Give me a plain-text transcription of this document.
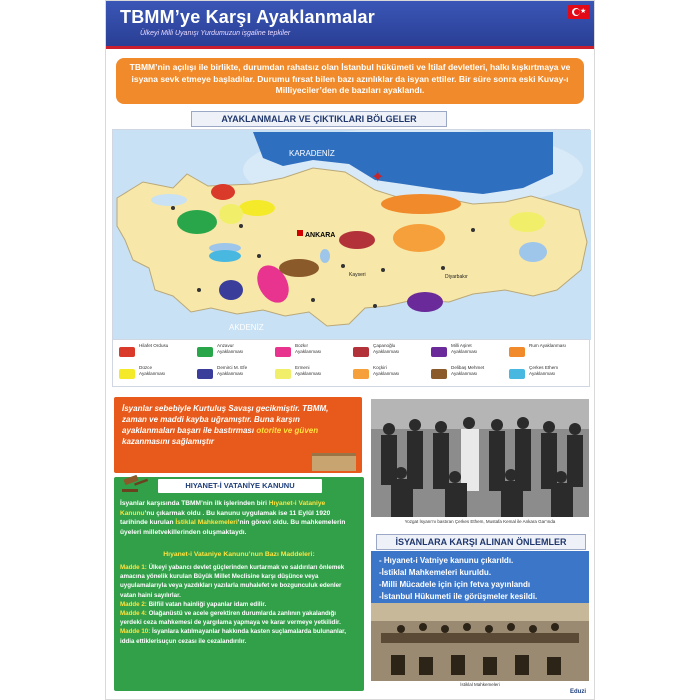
TBMM’ye Karşı Ayaklanmalar
Ülkeyi Milli Uyanışı Yurdumuzun işgaline tepkiler
★
TBMM’nin açılışı ile birlikte, durumdan rahatsız olan İstanbul hükümeti ve İtilaf devletleri, halkı kışkırtmaya ve isyana sevk etmeye başladılar. Durumu fırsat bilen bazı azınlıklar da isyan ettiler. Bir süre sonra eski Kuvay-ı Milliyeciler’den de bazıları ayaklandı.
AYAKLANMALAR VE ÇIKTIKLARI BÖLGELER
✦
KARADENİZ
AKDENİZ
ANKARA
Kayseri	Diyarbakır
Hilafet Ordusu	Anzavur Ayaklanması
Bozkır Ayaklanması
Çapanoğlu Ayaklanması
Milli Aşiret Ayaklanması
Rum Ayaklanması
Düzce Ayaklanması
Demirci M. Efe Ayaklanması
Ermeni Ayaklanması
Koçkiri Ayaklanması
Delibaş Mehmet Ayaklanması
Çerkes Ethem Ayaklanması
İsyanlar sebebiyle Kurtuluş Savaşı gecikmiştir. TBMM, zaman ve maddi kayba uğramıştır. Buna karşın ayaklanmaları başarı ile bastırması otorite ve güven kazanmasını sağlamıştır
Yozgat İsyanı'nı bastıran Çerkes Ethem, Mustafa Kemal ile Ankara Gar'ında
HIYANET-İ VATANİYE KANUNU
İsyanlar karşısında TBMM’nin ilk işlerinden biri Hıyanet-i Vataniye Kanunu’nu çıkarmak oldu . Bu kanunu uygulamak ise 11 Eylül 1920 tarihinde kurulan İstiklal Mahkemeleri’nin görevi oldu. Bu mahkemelerin üyeleri milletvekillerinden oluşmaktaydı.
Hıyanet-i Vataniye Kanunu’nun Bazı Maddeleri:
Madde 1: Ülkeyi yabancı devlet güçlerinden kurtarmak ve saldırıları önlemek amacına yönelik kurulan Büyük Millet Meclisine karşı düşünce veya uygulamalarıyla veya yazdıkları yazılarla muhalefet ve bozgunculuk edenler vatan haini sayılırlar.
Madde 2: Bilfiil vatan hainliği yapanlar idam edilir.
Madde 4: Olağanüstü ve acele gerektiren durumlarda zanlının yakalandığı yerdeki ceza mahkemesi de yargılama yapmaya ve karar vermeye yetkilidir.
Madde 10: İsyanlara katılmayanlar hakkında kasten suçlamalarda bulunanlar, iddia ettiklerisuçun cezası ile cezalandırılır.
İSYANLARA KARŞI ALINAN ÖNLEMLER
- Hıyanet-i Vatniye kanunu çıkarıldı.
-İstiklal Mahkemeleri kuruldu.
-Milli Mücadele için için fetva yayınlandı
-İstanbul Hükumeti ile görüşmeler kesildi.
İstiklal Mahkemeleri
Eduzi
